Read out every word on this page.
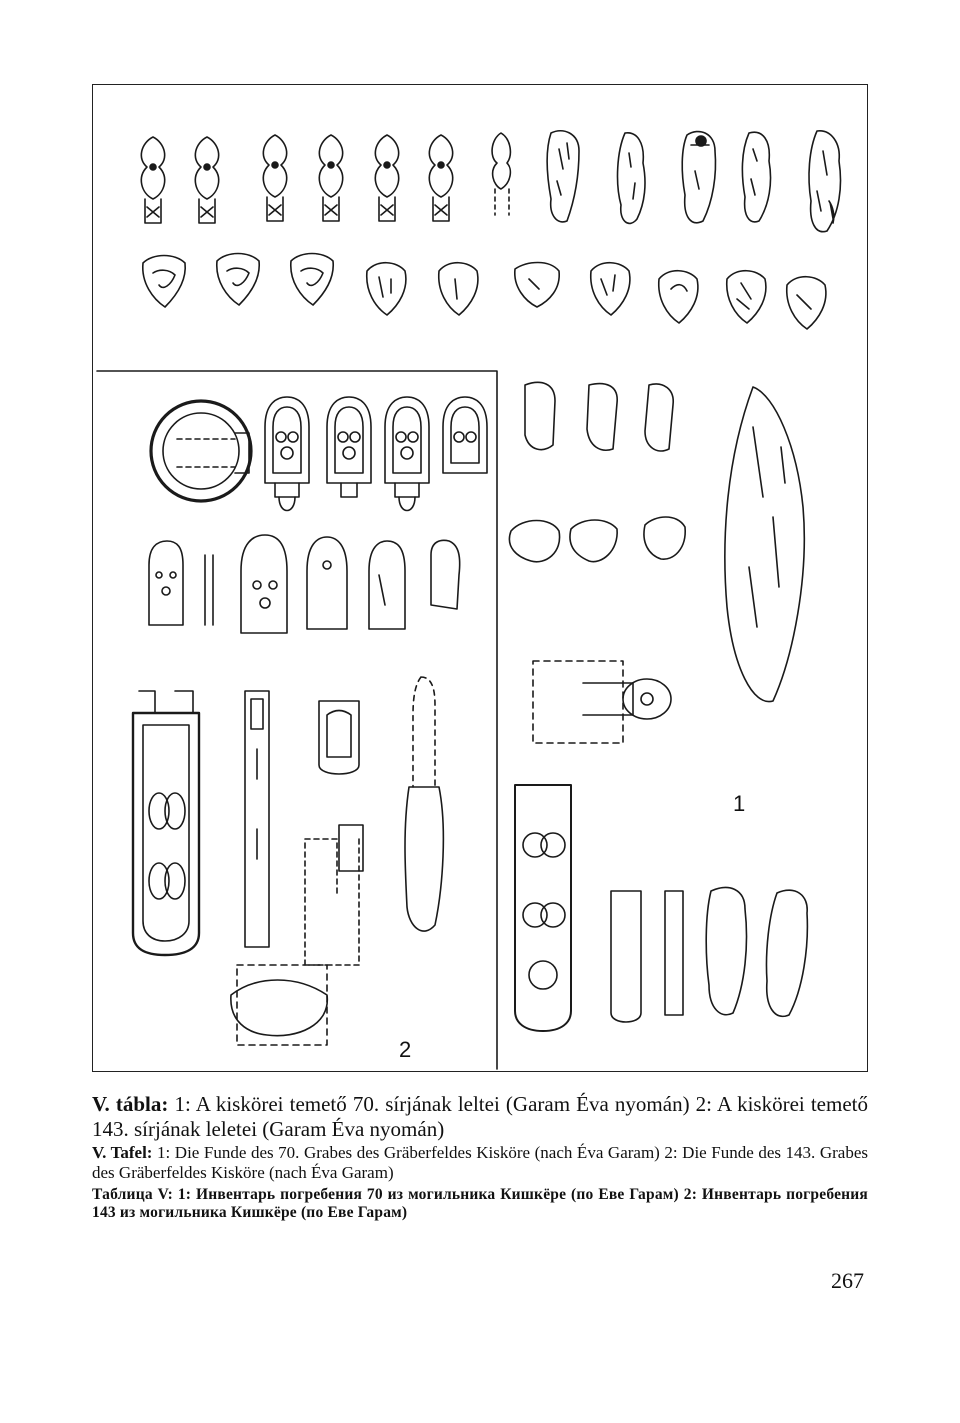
1
2

V. tábla: 1: A kiskörei temető 70. sírjának leltei (Garam Éva nyomán) 2: A kiskörei temető 143. sírjának leletei (Garam Éva nyomán)

V. Tafel: 1: Die Funde des 70. Grabes des Gräberfeldes Kisköre (nach Éva Garam) 2: Die Funde des 143. Grabes des Gräberfeldes Kisköre (nach Éva Garam)

Таблица V: 1: Инвентарь погребения 70 из могильника Кишкёре (по Еве Гарам) 2: Инвентарь погребения 143 из могильника Кишкёре (по Еве Гарам)

267
